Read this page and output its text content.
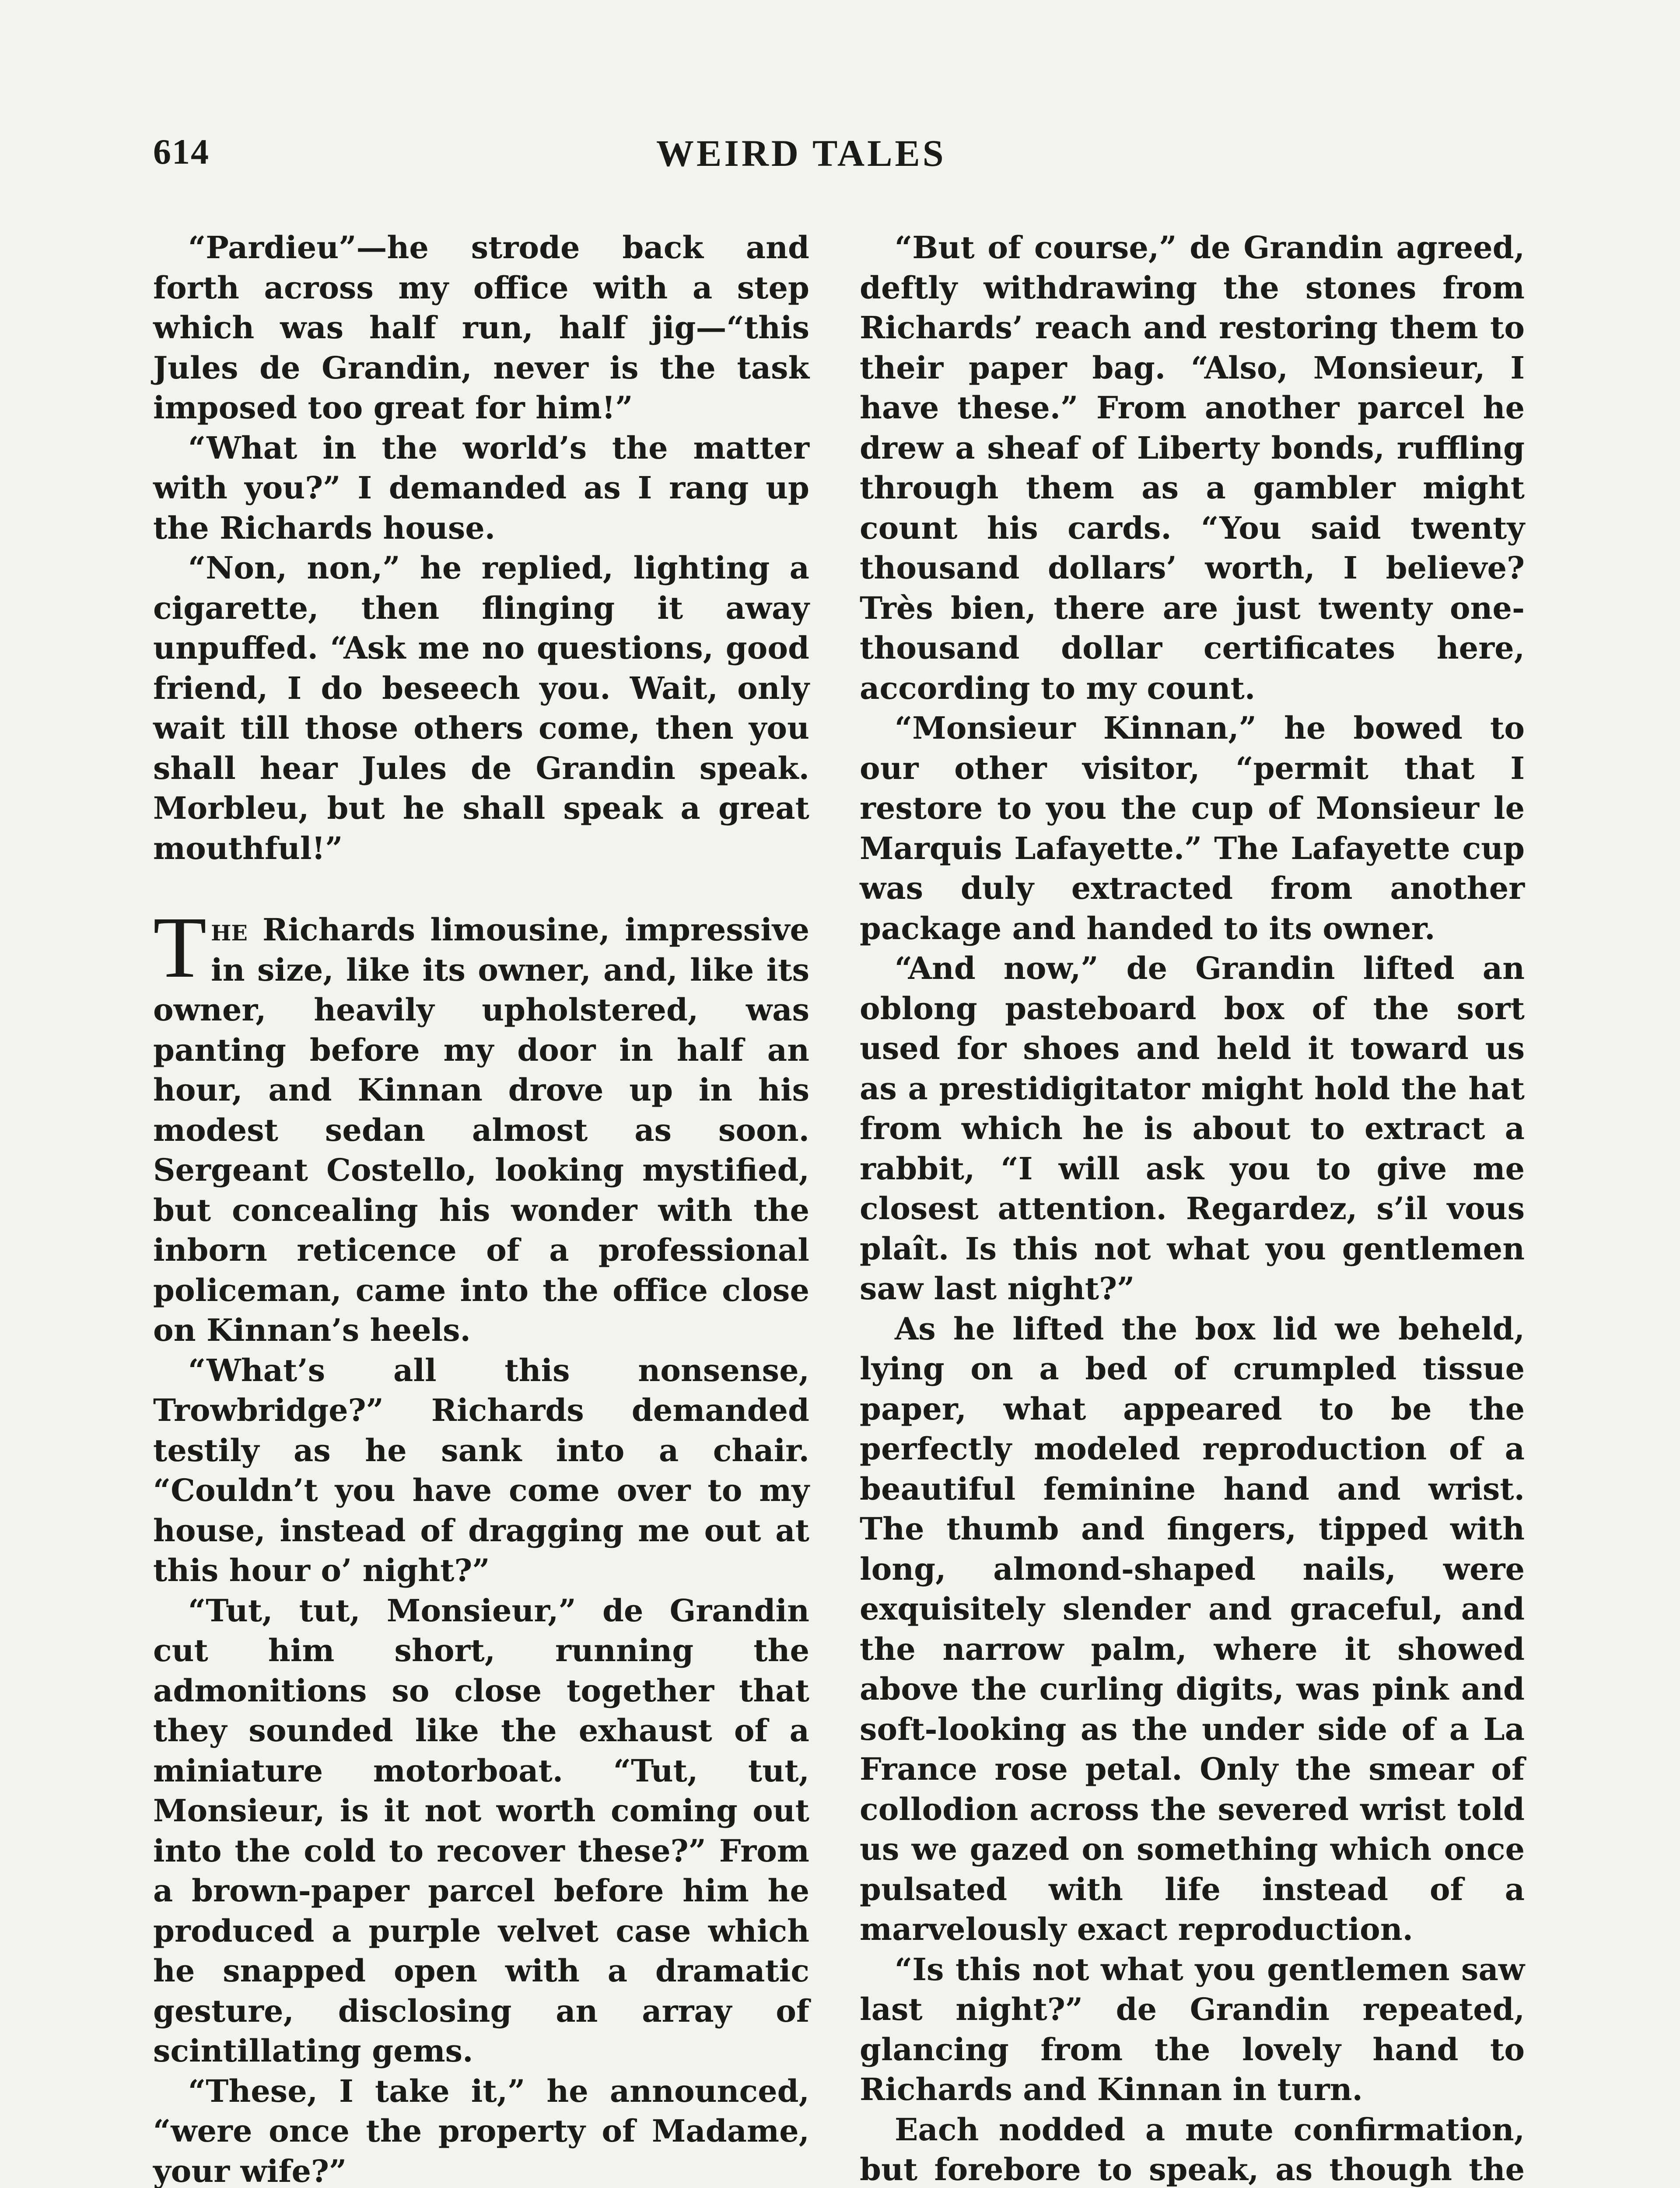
614	WEIRD TALES

“Pardieu”—he strode back and forth across my office with a step which was half run, half jig—“this Jules de Grandin, never is the task imposed too great for him!”

“What in the world’s the matter with you?” I demanded as I rang up the Richards house.

“Non, non,” he replied, lighting a cigarette, then flinging it away unpuffed. “Ask me no questions, good friend, I do beseech you. Wait, only wait till those others come, then you shall hear Jules de Grandin speak. Morbleu, but he shall speak a great mouthful!”

The Richards limousine, impressive in size, like its owner, and, like its owner, heavily upholstered, was panting before my door in half an hour, and Kinnan drove up in his modest sedan almost as soon. Sergeant Costello, looking mystified, but concealing his wonder with the inborn reticence of a professional policeman, came into the office close on Kinnan’s heels.

“What’s all this nonsense, Trowbridge?” Richards demanded testily as he sank into a chair. “Couldn’t you have come over to my house, instead of dragging me out at this hour o’ night?”

“Tut, tut, Monsieur,” de Grandin cut him short, running the admonitions so close together that they sounded like the exhaust of a miniature motorboat. “Tut, tut, Monsieur, is it not worth coming out into the cold to recover these?” From a brown-paper parcel before him he produced a purple velvet case which he snapped open with a dramatic gesture, disclosing an array of scintillating gems.

“These, I take it,” he announced, “were once the property of Madame, your wife?”

“But of course,” de Grandin agreed, deftly withdrawing the stones from Richards’ reach and restoring them to their paper bag. “Also, Monsieur, I have these.” From another parcel he drew a sheaf of Liberty bonds, ruffling through them as a gambler might count his cards. “You said twenty thousand dollars’ worth, I believe? Très bien, there are just twenty one-thousand dollar certificates here, according to my count.

“Monsieur Kinnan,” he bowed to our other visitor, “permit that I restore to you the cup of Monsieur le Marquis Lafayette.” The Lafayette cup was duly extracted from another package and handed to its owner.

“And now,” de Grandin lifted an oblong pasteboard box of the sort used for shoes and held it toward us as a prestidigitator might hold the hat from which he is about to extract a rabbit, “I will ask you to give me closest attention. Regardez, s’il vous plaît. Is this not what you gentlemen saw last night?”

As he lifted the box lid we beheld, lying on a bed of crumpled tissue paper, what appeared to be the perfectly modeled reproduction of a beautiful feminine hand and wrist. The thumb and fingers, tipped with long, almond-shaped nails, were exquisitely slender and graceful, and the narrow palm, where it showed above the curling digits, was pink and soft-looking as the under side of a La France rose petal. Only the smear of collodion across the severed wrist told us we gazed on something which once pulsated with life instead of a marvelously exact reproduction.

“Is this not what you gentlemen saw last night?” de Grandin repeated, glancing from the lovely hand to Richards and Kinnan in turn.

Each nodded a mute confirmation, but forebore to speak, as though the
